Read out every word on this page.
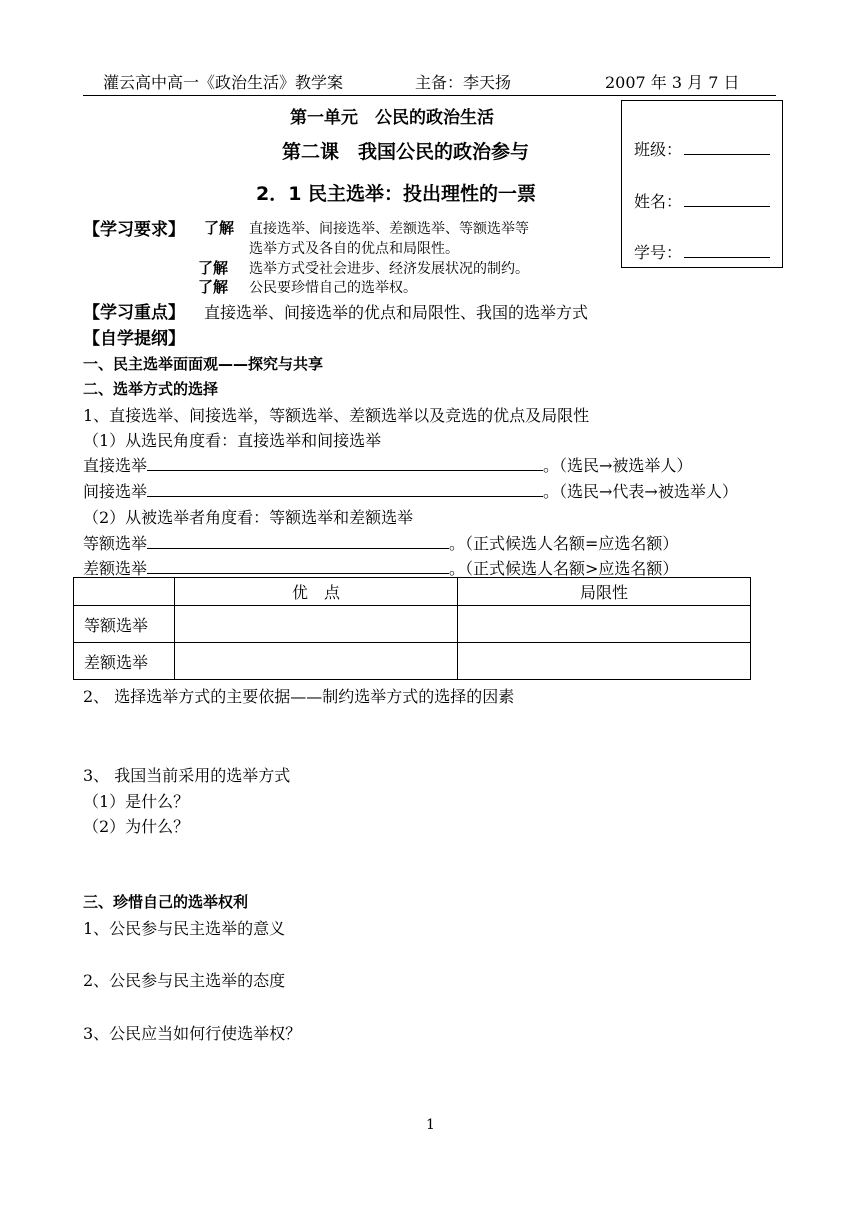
灌云高中高一《政治生活》教学案	主备：李天扬	2007 年 3 月 7 日
第一单元　公民的政治生活
第二课　我国公民的政治参与
2．1 民主选举：投出理性的一票
班级：
姓名：
学号：
【学习要求】 了解 直接选举、间接选举、差额选举、等额选举等
选举方式及各自的优点和局限性。
了解 选举方式受社会进步、经济发展状况的制约。
了解 公民要珍惜自己的选举权。
【学习重点】 直接选举、间接选举的优点和局限性、我国的选举方式
【自学提纲】
一、民主选举面面观——探究与共享
二、选举方式的选择
1、直接选举、间接选举，等额选举、差额选举以及竞选的优点及局限性
（1）从选民角度看：直接选举和间接选举
直接选举	。（选民→被选举人）
间接选举	。（选民→代表→被选举人）
（2）从被选举者角度看：等额选举和差额选举
等额选举	。（正式候选人名额=应选名额）
差额选举	。（正式候选人名额>应选名额）
	优　点	局限性
等额选举		
差额选举		
2、 选择选举方式的主要依据——制约选举方式的选择的因素
3、 我国当前采用的选举方式
（1）是什么？
（2）为什么？
三、珍惜自己的选举权利
1、公民参与民主选举的意义
2、公民参与民主选举的态度
3、公民应当如何行使选举权？
1
